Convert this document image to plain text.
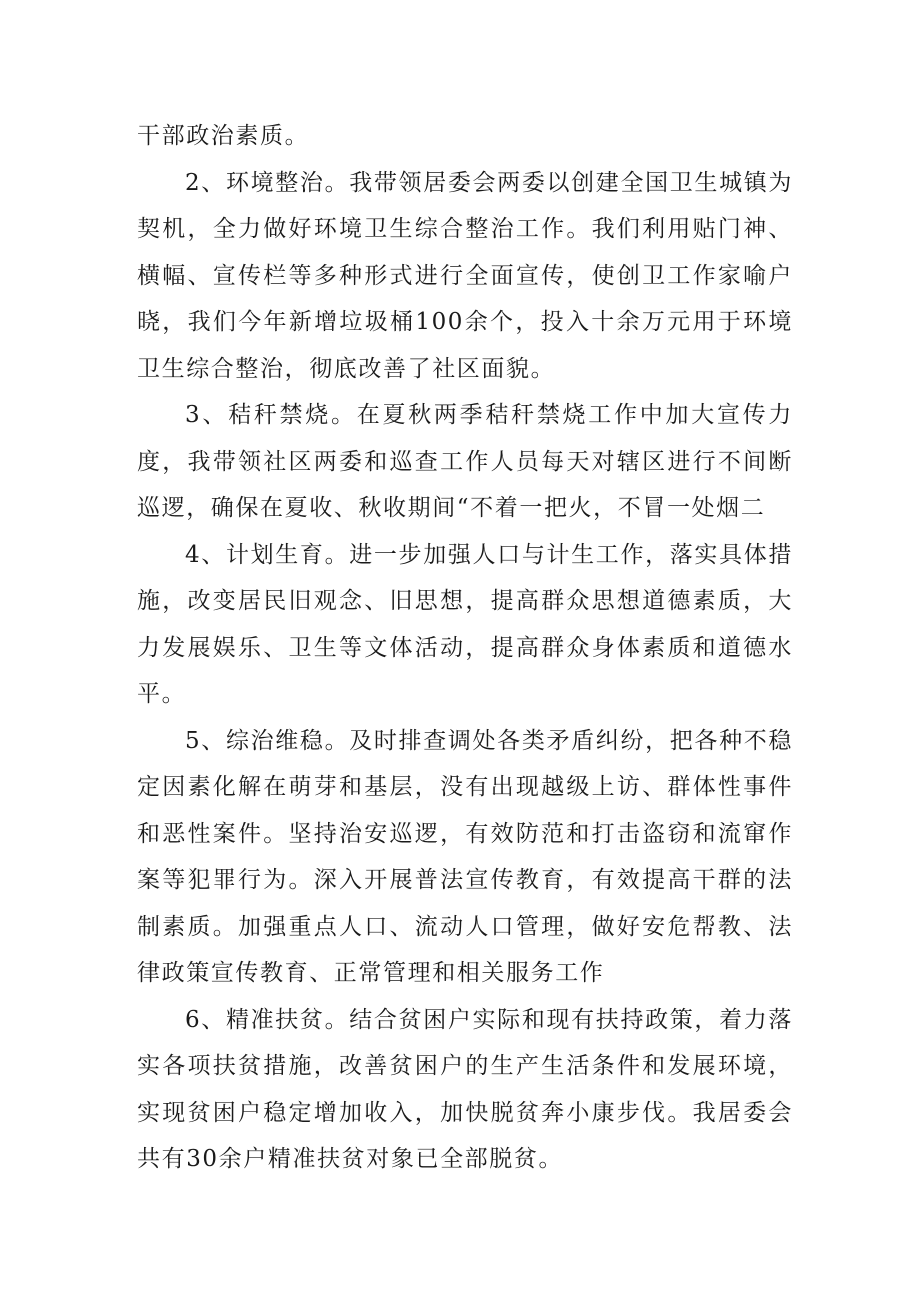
干部政治素质。

2、环境整治。我带领居委会两委以创建全国卫生城镇为契机，全力做好环境卫生综合整治工作。我们利用贴门神、横幅、宣传栏等多种形式进行全面宣传，使创卫工作家喻户晓，我们今年新增垃圾桶100余个，投入十余万元用于环境卫生综合整治，彻底改善了社区面貌。

3、秸秆禁烧。在夏秋两季秸秆禁烧工作中加大宣传力度，我带领社区两委和巡查工作人员每天对辖区进行不间断巡逻，确保在夏收、秋收期间“不着一把火，不冒一处烟二

4、计划生育。进一步加强人口与计生工作，落实具体措施，改变居民旧观念、旧思想，提高群众思想道德素质，大力发展娱乐、卫生等文体活动，提高群众身体素质和道德水平。

5、综治维稳。及时排查调处各类矛盾纠纷，把各种不稳定因素化解在萌芽和基层，没有出现越级上访、群体性事件和恶性案件。坚持治安巡逻，有效防范和打击盗窃和流窜作案等犯罪行为。深入开展普法宣传教育，有效提高干群的法制素质。加强重点人口、流动人口管理，做好安危帮教、法律政策宣传教育、正常管理和相关服务工作

6、精准扶贫。结合贫困户实际和现有扶持政策，着力落实各项扶贫措施，改善贫困户的生产生活条件和发展环境，实现贫困户稳定增加收入，加快脱贫奔小康步伐。我居委会共有30余户精准扶贫对象已全部脱贫。
